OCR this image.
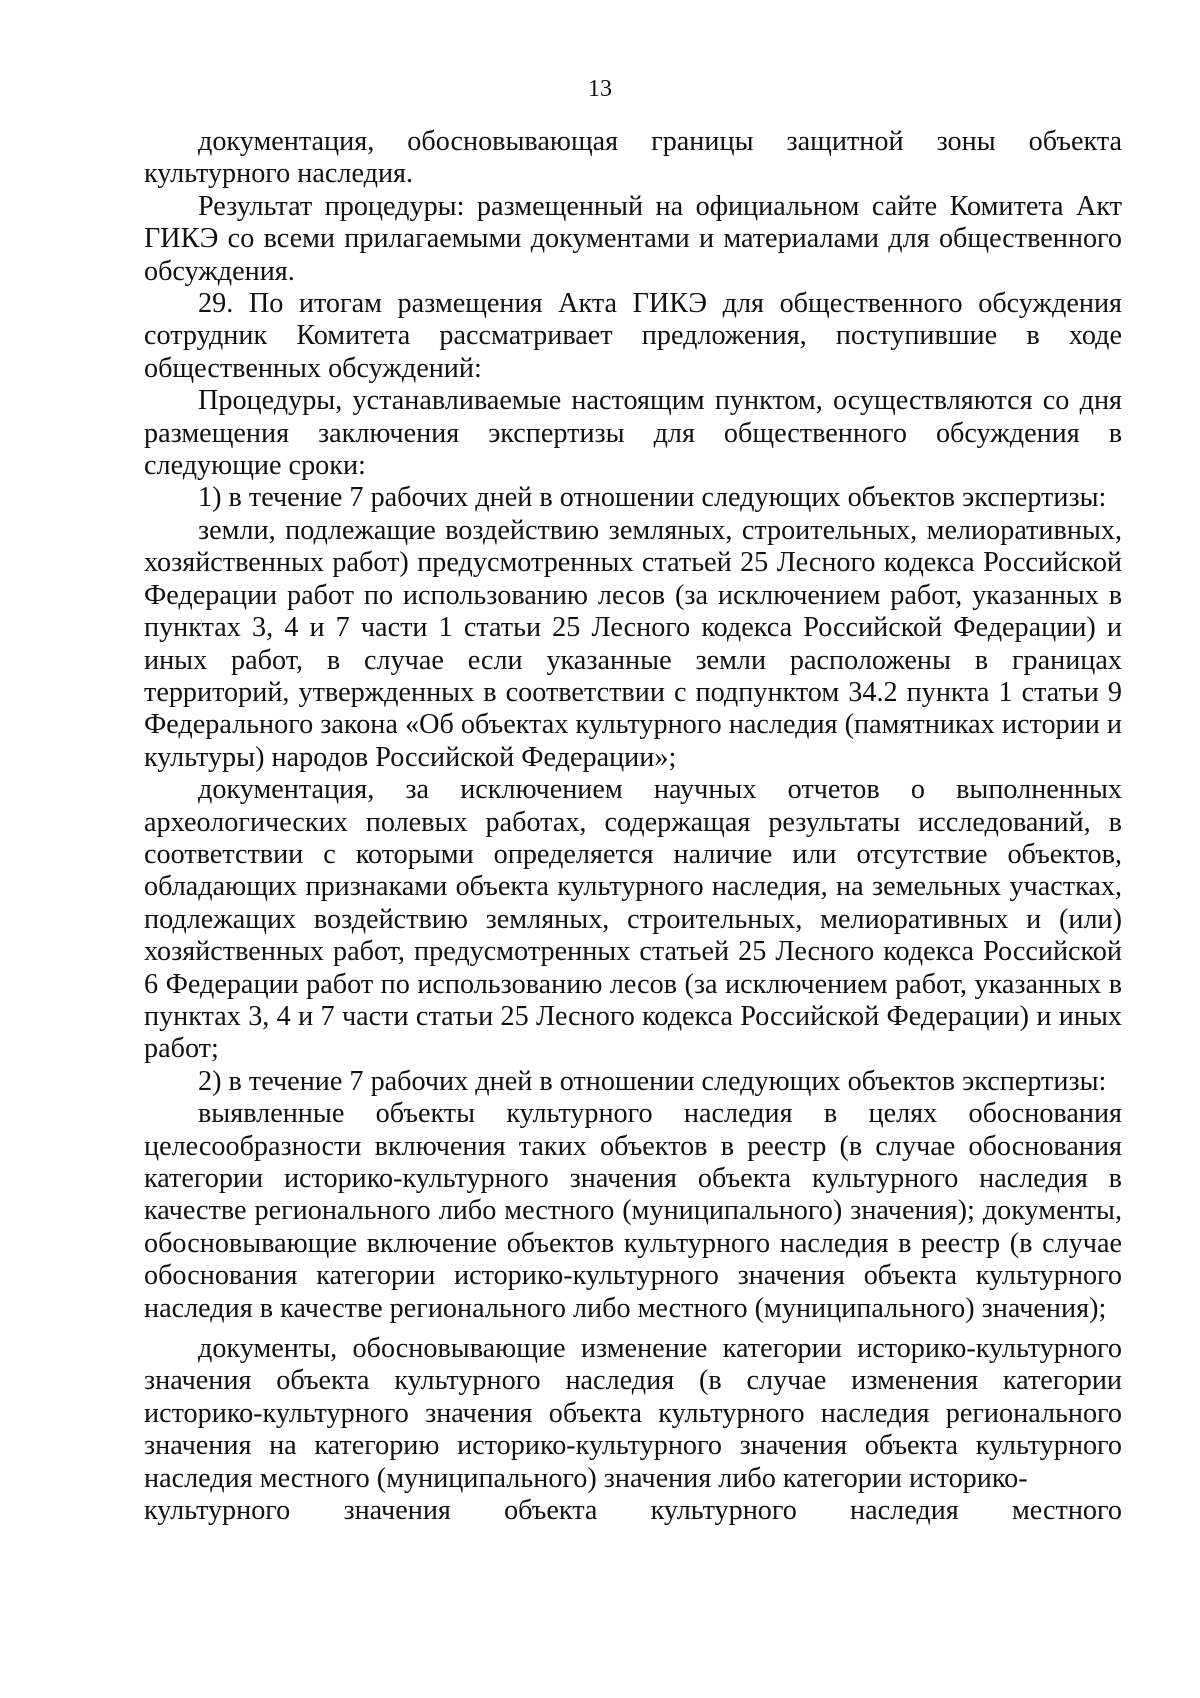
13

документация, обосновывающая границы защитной зоны объекта культурного наследия.

Результат процедуры: размещенный на официальном сайте Комитета Акт ГИКЭ со всеми прилагаемыми документами и материалами для общественного обсуждения.

29. По итогам размещения Акта ГИКЭ для общественного обсуждения сотрудник Комитета рассматривает предложения, поступившие в ходе общественных обсуждений:

Процедуры, устанавливаемые настоящим пунктом, осуществляются со дня размещения заключения экспертизы для общественного обсуждения в следующие сроки:

1) в течение 7 рабочих дней в отношении следующих объектов экспертизы:

земли, подлежащие воздействию земляных, строительных, мелиоративных, хозяйственных работ) предусмотренных статьей 25 Лесного кодекса Российской Федерации работ по использованию лесов (за исключением работ, указанных в пунктах 3, 4 и 7 части 1 статьи 25 Лесного кодекса Российской Федерации) и иных работ, в случае если указанные земли расположены в границах территорий, утвержденных в соответствии с подпунктом 34.2 пункта 1 статьи 9 Федерального закона «Об объектах культурного наследия (памятниках истории и культуры) народов Российской Федерации»;

документация, за исключением научных отчетов о выполненных археологических полевых работах, содержащая результаты исследований, в соответствии с которыми определяется наличие или отсутствие объектов, обладающих признаками объекта культурного наследия, на земельных участках, подлежащих воздействию земляных, строительных, мелиоративных и (или) хозяйственных работ, предусмотренных статьей 25 Лесного кодекса Российской 6 Федерации работ по использованию лесов (за исключением работ, указанных в пунктах 3, 4 и 7 части статьи 25 Лесного кодекса Российской Федерации) и иных работ;

2) в течение 7 рабочих дней в отношении следующих объектов экспертизы:

выявленные объекты культурного наследия в целях обоснования целесообразности включения таких объектов в реестр (в случае обоснования категории историко-культурного значения объекта культурного наследия в качестве регионального либо местного (муниципального) значения); документы, обосновывающие включение объектов культурного наследия в реестр (в случае обоснования категории историко-культурного значения объекта культурного наследия в качестве регионального либо местного (муниципального) значения);

документы, обосновывающие изменение категории историко-культурного значения объекта культурного наследия (в случае изменения категории историко-культурного значения объекта культурного наследия регионального значения на категорию историко-культурного значения объекта культурного наследия местного (муниципального) значения либо категории историко-

культурного значения объекта культурного наследия местного
